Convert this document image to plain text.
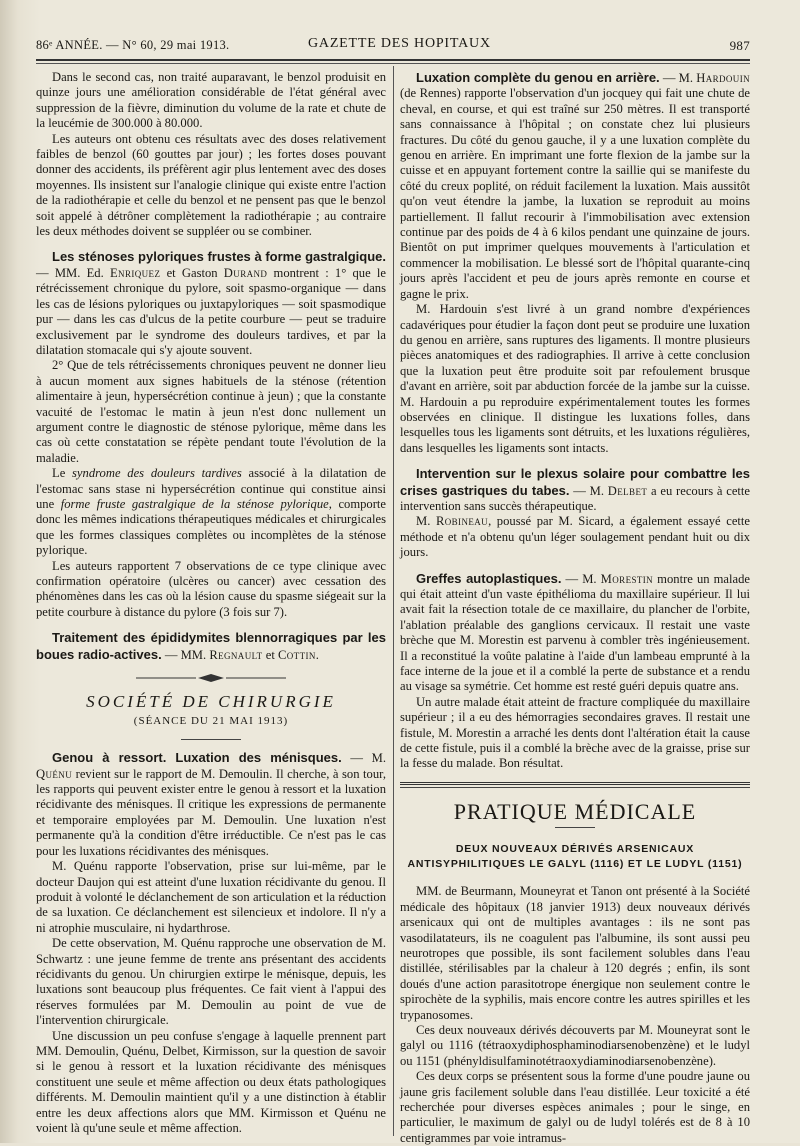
86ᵉ ANNÉE. — N° 60, 29 mai 1913.	GAZETTE DES HOPITAUX	987

Dans le second cas, non traité auparavant, le benzol produisit en quinze jours une amélioration considérable de l'état général avec suppression de la fièvre, diminution du volume de la rate et chute de la leucémie de 300.000 à 80.000.

Les auteurs ont obtenu ces résultats avec des doses relativement faibles de benzol (60 gouttes par jour) ; les fortes doses pouvant donner des accidents, ils préfèrent agir plus lentement avec des doses moyennes. Ils insistent sur l'analogie clinique qui existe entre l'action de la radiothérapie et celle du benzol et ne pensent pas que le benzol soit appelé à détrôner complètement la radiothérapie ; au contraire les deux méthodes doivent se suppléer ou se combiner.

Les sténoses pyloriques frustes à forme gastralgique. — MM. Ed. Enriquez et Gaston Durand montrent : 1° que le rétrécissement chronique du pylore, soit spasmo-organique — dans les cas de lésions pyloriques ou juxtapyloriques — soit spasmodique pur — dans les cas d'ulcus de la petite courbure — peut se traduire exclusivement par le syndrome des douleurs tardives, et par la dilatation stomacale qui s'y ajoute souvent.

2° Que de tels rétrécissements chroniques peuvent ne donner lieu à aucun moment aux signes habituels de la sténose (rétention alimentaire à jeun, hypersécrétion continue à jeun) ; que la constante vacuité de l'estomac le matin à jeun n'est donc nullement un argument contre le diagnostic de sténose pylorique, même dans les cas où cette constatation se répète pendant toute l'évolution de la maladie.

Le syndrome des douleurs tardives associé à la dilatation de l'estomac sans stase ni hypersécrétion continue qui constitue ainsi une forme fruste gastralgique de la sténose pylorique, comporte donc les mêmes indications thérapeutiques médicales et chirurgicales que les formes classiques complètes ou incomplètes de la sténose pylorique.

Les auteurs rapportent 7 observations de ce type clinique avec confirmation opératoire (ulcères ou cancer) avec cessation des phénomènes dans les cas où la lésion cause du spasme siégeait sur la petite courbure à distance du pylore (3 fois sur 7).

Traitement des épididymites blennorragiques par les boues radio-actives. — MM. Regnault et Cottin.

SOCIÉTÉ DE CHIRURGIE
(SÉANCE DU 21 MAI 1913)

Genou à ressort. Luxation des ménisques. — M. Quénu revient sur le rapport de M. Demoulin. Il cherche, à son tour, les rapports qui peuvent exister entre le genou à ressort et la luxation récidivante des ménisques. Il critique les expressions de permanente et temporaire employées par M. Demoulin. Une luxation n'est permanente qu'à la condition d'être irréductible. Ce n'est pas le cas pour les luxations récidivantes des ménisques.

M. Quénu rapporte l'observation, prise sur lui-même, par le docteur Daujon qui est atteint d'une luxation récidivante du genou. Il produit à volonté le déclanchement de son articulation et la réduction de sa luxation. Ce déclanchement est silencieux et indolore. Il n'y a ni atrophie musculaire, ni hydarthrose.

De cette observation, M. Quénu rapproche une observation de M. Schwartz : une jeune femme de trente ans présentant des accidents récidivants du genou. Un chirurgien extirpe le ménisque, depuis, les luxations sont beaucoup plus fréquentes. Ce fait vient à l'appui des réserves formulées par M. Demoulin au point de vue de l'intervention chirurgicale.

Une discussion un peu confuse s'engage à laquelle prennent part MM. Demoulin, Quénu, Delbet, Kirmisson, sur la question de savoir si le genou à ressort et la luxation récidivante des ménisques constituent une seule et même affection ou deux états pathologiques différents. M. Demoulin maintient qu'il y a une distinction à établir entre les deux affections alors que MM. Kirmisson et Quénu ne voient là qu'une seule et même affection.

Luxation complète du genou en arrière. — M. Hardouin (de Rennes) rapporte l'observation d'un jocquey qui fait une chute de cheval, en course, et qui est traîné sur 250 mètres. Il est transporté sans connaissance à l'hôpital ; on constate chez lui plusieurs fractures. Du côté du genou gauche, il y a une luxation complète du genou en arrière. En imprimant une forte flexion de la jambe sur la cuisse et en appuyant fortement contre la saillie qui se manifeste du côté du creux poplité, on réduit facilement la luxation. Mais aussitôt qu'on veut étendre la jambe, la luxation se reproduit au moins partiellement. Il fallut recourir à l'immobilisation avec extension continue par des poids de 4 à 6 kilos pendant une quinzaine de jours. Bientôt on put imprimer quelques mouvements à l'articulation et commencer la mobilisation. Le blessé sort de l'hôpital quarante-cinq jours après l'accident et peu de jours après remonte en course et gagne le prix.

M. Hardouin s'est livré à un grand nombre d'expériences cadavériques pour étudier la façon dont peut se produire une luxation du genou en arrière, sans ruptures des ligaments. Il montre plusieurs pièces anatomiques et des radiographies. Il arrive à cette conclusion que la luxation peut être produite soit par refoulement brusque d'avant en arrière, soit par abduction forcée de la jambe sur la cuisse. M. Hardouin a pu reproduire expérimentalement toutes les formes observées en clinique. Il distingue les luxations folles, dans lesquelles tous les ligaments sont détruits, et les luxations régulières, dans lesquelles les ligaments sont intacts.

Intervention sur le plexus solaire pour combattre les crises gastriques du tabes. — M. Delbet a eu recours à cette intervention sans succès thérapeutique.

M. Robineau, poussé par M. Sicard, a également essayé cette méthode et n'a obtenu qu'un léger soulagement pendant huit ou dix jours.

Greffes autoplastiques. — M. Morestin montre un malade qui était atteint d'un vaste épithélioma du maxillaire supérieur. Il lui avait fait la résection totale de ce maxillaire, du plancher de l'orbite, l'ablation préalable des ganglions cervicaux. Il restait une vaste brèche que M. Morestin est parvenu à combler très ingénieusement. Il a reconstitué la voûte palatine à l'aide d'un lambeau emprunté à la face interne de la joue et il a comblé la perte de substance et a rendu au visage sa symétrie. Cet homme est resté guéri depuis quatre ans.

Un autre malade était atteint de fracture compliquée du maxillaire supérieur ; il a eu des hémorragies secondaires graves. Il restait une fistule, M. Morestin a arraché les dents dont l'altération était la cause de cette fistule, puis il a comblé la brèche avec de la graisse, prise sur la fesse du malade. Bon résultat.

PRATIQUE MÉDICALE
DEUX NOUVEAUX DÉRIVÉS ARSENICAUX ANTISYPHILITIQUES LE GALYL (1116) ET LE LUDYL (1151)

MM. de Beurmann, Mouneyrat et Tanon ont présenté à la Société médicale des hôpitaux (18 janvier 1913) deux nouveaux dérivés arsenicaux qui ont de multiples avantages : ils ne sont pas vasodilatateurs, ils ne coagulent pas l'albumine, ils sont aussi peu neurotropes que possible, ils sont facilement solubles dans l'eau distillée, stérilisables par la chaleur à 120 degrés ; enfin, ils sont doués d'une action parasitotrope énergique non seulement contre le spirochète de la syphilis, mais encore contre les autres spirilles et les trypanosomes.

Ces deux nouveaux dérivés découverts par M. Mouneyrat sont le galyl ou 1116 (tétraoxydiphosphaminodiarsenobenzène) et le ludyl ou 1151 (phényldisulfaminotétraoxydiaminodiarsenobenzène).

Ces deux corps se présentent sous la forme d'une poudre jaune ou jaune gris facilement soluble dans l'eau distillée. Leur toxicité a été recherchée pour diverses espèces animales ; pour le singe, en particulier, le maximum de galyl ou de ludyl tolérés est de 8 à 10 centigrammes par voie intramus-
